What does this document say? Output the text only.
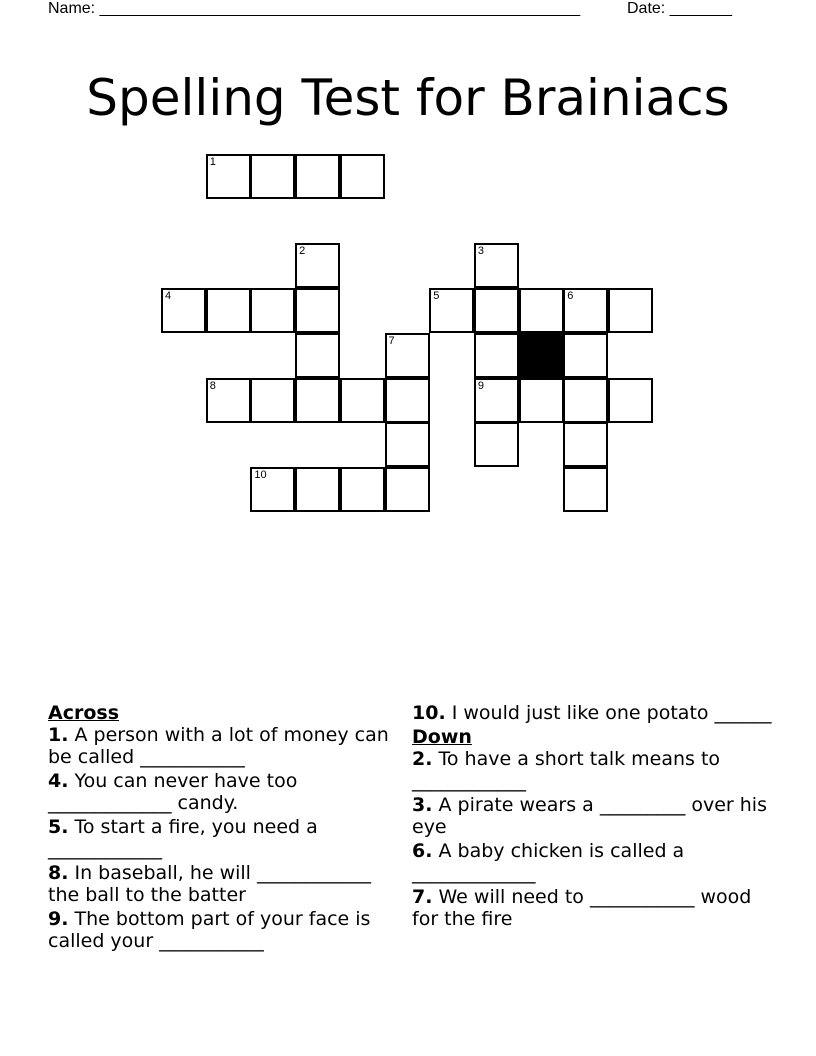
Name: ______________________________________________________	Date: _______
Spelling Test for Brainiacs
1
2	3
4	5	6
7
8	9
10

Across

1. A person with a lot of money can be called ___________

4. You can never have too _____________ candy.

5. To start a fire, you need a ____________

8. In baseball, he will ____________ the ball to the batter

9. The bottom part of your face is called your ___________

10. I would just like one potato ______

Down

2. To have a short talk means to ____________

3. A pirate wears a _________ over his eye

6. A baby chicken is called a _____________

7. We will need to ___________ wood for the fire
